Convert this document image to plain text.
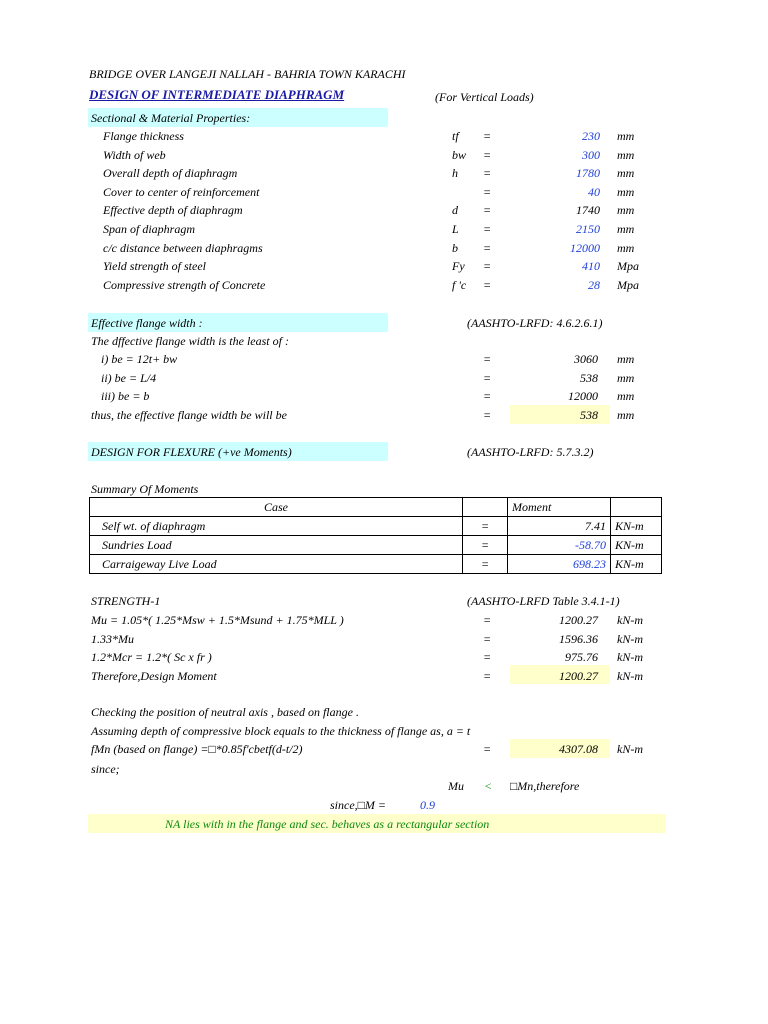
BRIDGE OVER LANGEJI NALLAH - BAHRIA TOWN KARACHI
DESIGN OF INTERMEDIATE DIAPHRAGM	(For Vertical Loads)
Sectional & Material Properties:
Flange thickness	tf =	230 mm
Width of web	bw =	300 mm
Overall depth of diaphragm	h =	1780 mm
Cover to center of reinforcement	=	40 mm
Effective depth of diaphragm	d =	1740 mm
Span of diaphragm	L =	2150 mm
c/c distance between diaphragms	b =	12000 mm
Yield strength of steel	Fy =	410 Mpa
Compressive strength of Concrete	f 'c =	28 Mpa
Effective flange width :	(AASHTO-LRFD: 4.6.2.6.1)
The dffective flange width is the least of :
i) be = 12t+ bw	=	3060 mm
ii) be = L/4	=	538 mm
iii) be = b	=	12000 mm
thus, the effective flange width be will be	=	538 mm
DESIGN FOR FLEXURE (+ve Moments)	(AASHTO-LRFD: 5.7.3.2)
Summary Of Moments
Case		Moment	
Self wt. of diaphragm	=	7.41	KN-m
Sundries Load	=	-58.70	KN-m
Carraigeway Live Load	=	698.23	KN-m
STRENGTH-1	(AASHTO-LRFD Table 3.4.1-1)
Mu = 1.05*( 1.25*Msw + 1.5*Msund + 1.75*MLL )	=	1200.27 kN-m
1.33*Mu	=	1596.36 kN-m
1.2*Mcr = 1.2*( Sc x fr )	=	975.76 kN-m
Therefore,Design Moment	=	1200.27 kN-m
Checking the position of neutral axis , based on flange .
Assuming depth of compressive block equals to the thickness of flange as, a = t
fMn (based on flange) =□*0.85f'cbetf(d-t/2)	=	4307.08 kN-m
since;
Mu < □Mn,therefore
since,□M =	0.9
NA lies with in the flange and sec. behaves as a rectangular section
